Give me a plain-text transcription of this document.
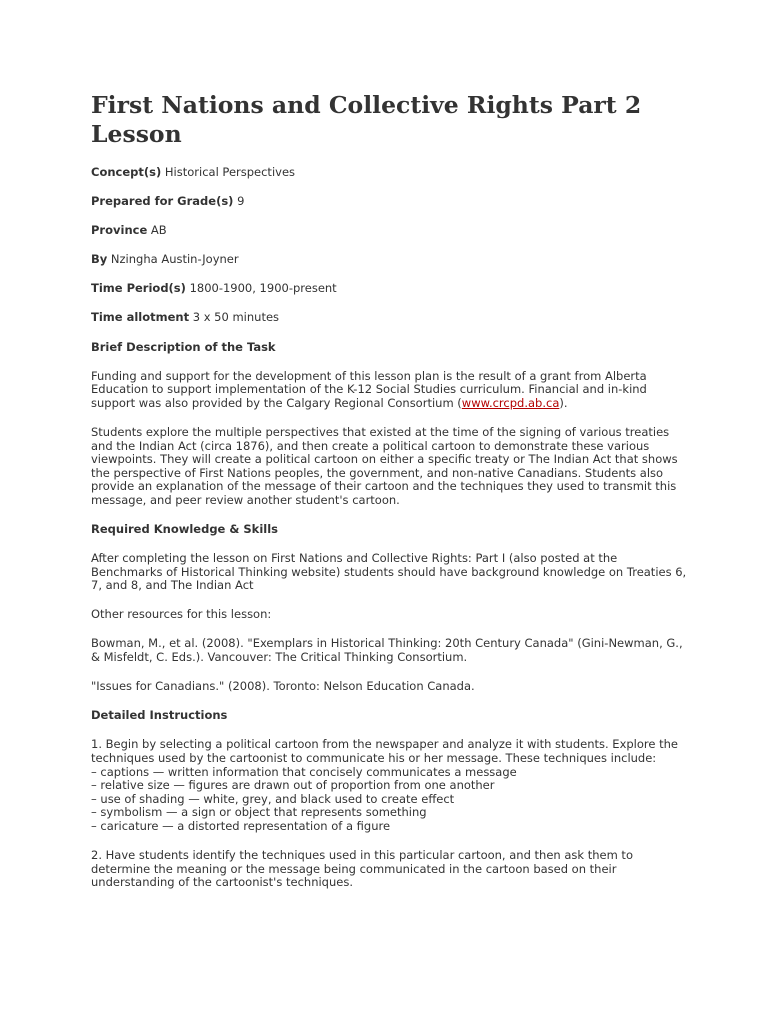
First Nations and Collective Rights Part 2 Lesson

Concept(s) Historical Perspectives

Prepared for Grade(s) 9

Province AB

By Nzingha Austin-Joyner

Time Period(s) 1800-1900, 1900-present

Time allotment 3 x 50 minutes

Brief Description of the Task

Funding and support for the development of this lesson plan is the result of a grant from Alberta Education to support implementation of the K-12 Social Studies curriculum. Financial and in-kind support was also provided by the Calgary Regional Consortium (www.crcpd.ab.ca).

Students explore the multiple perspectives that existed at the time of the signing of various treaties and the Indian Act (circa 1876), and then create a political cartoon to demonstrate these various viewpoints. They will create a political cartoon on either a specific treaty or The Indian Act that shows the perspective of First Nations peoples, the government, and non-native Canadians. Students also provide an explanation of the message of their cartoon and the techniques they used to transmit this message, and peer review another student's cartoon.

Required Knowledge & Skills

After completing the lesson on First Nations and Collective Rights: Part I (also posted at the Benchmarks of Historical Thinking website) students should have background knowledge on Treaties 6, 7, and 8, and The Indian Act

Other resources for this lesson:

Bowman, M., et al. (2008). "Exemplars in Historical Thinking: 20th Century Canada" (Gini-Newman, G., & Misfeldt, C. Eds.). Vancouver: The Critical Thinking Consortium.

"Issues for Canadians." (2008). Toronto: Nelson Education Canada.

Detailed Instructions

1. Begin by selecting a political cartoon from the newspaper and analyze it with students. Explore the techniques used by the cartoonist to communicate his or her message. These techniques include:

– captions — written information that concisely communicates a message

– relative size — figures are drawn out of proportion from one another

– use of shading — white, grey, and black used to create effect

– symbolism — a sign or object that represents something

– caricature — a distorted representation of a figure

2. Have students identify the techniques used in this particular cartoon, and then ask them to determine the meaning or the message being communicated in the cartoon based on their understanding of the cartoonist's techniques.
